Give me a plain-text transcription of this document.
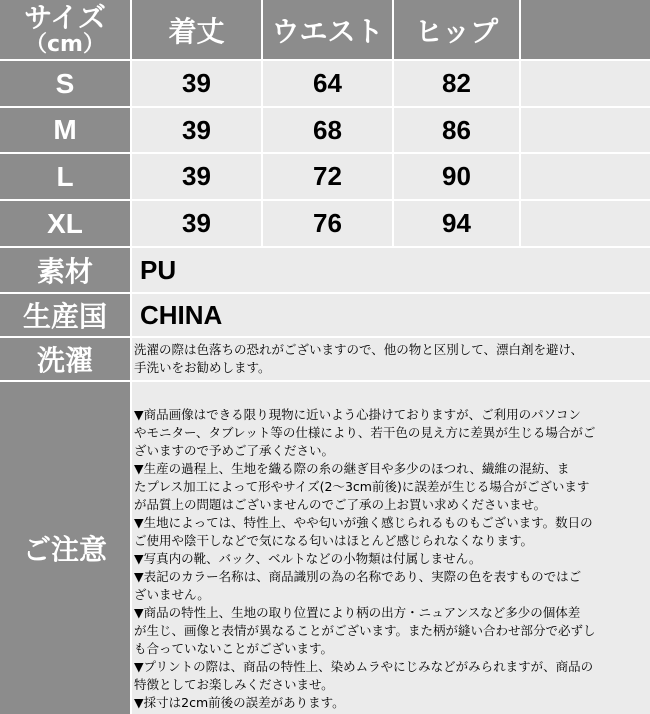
サイズ
（cm）	着丈	ウエスト	ヒップ
S	39	64	82
M	39	68	86
L	39	72	90
XL	39	76	94
素材	PU
生産国	CHINA
洗濯	洗濯の際は色落ちの恐れがございますので、他の物と区別して、漂白剤を避け、
手洗いをお勧めします。
ご注意

▼商品画像はできる限り現物に近いよう心掛けておりますが、ご利用のパソコン

やモニター、タブレット等の仕様により、若干色の見え方に差異が生じる場合がご

ざいますので予めご了承ください。

▼生産の過程上、生地を織る際の糸の継ぎ目や多少のほつれ、繊維の混紡、ま

たプレス加工によって形やサイズ(2～3cm前後)に誤差が生じる場合がございます

が品質上の問題はございませんのでご了承の上お買い求めくださいませ。

▼生地によっては、特性上、やや匂いが強く感じられるものもございます。数日の

ご使用や陰干しなどで気になる匂いはほとんど感じられなくなります。

▼写真内の靴、バック、ベルトなどの小物類は付属しません。

▼表記のカラー名称は、商品識別の為の名称であり、実際の色を表すものではご

ざいません。

▼商品の特性上、生地の取り位置により柄の出方・ニュアンスなど多少の個体差

が生じ、画像と表情が異なることがございます。また柄が縫い合わせ部分で必ずし

も合っていないことがございます。

▼プリントの際は、商品の特性上、染めムラやにじみなどがみられますが、商品の

特徴としてお楽しみくださいませ。

▼採寸は2cm前後の誤差があります。
